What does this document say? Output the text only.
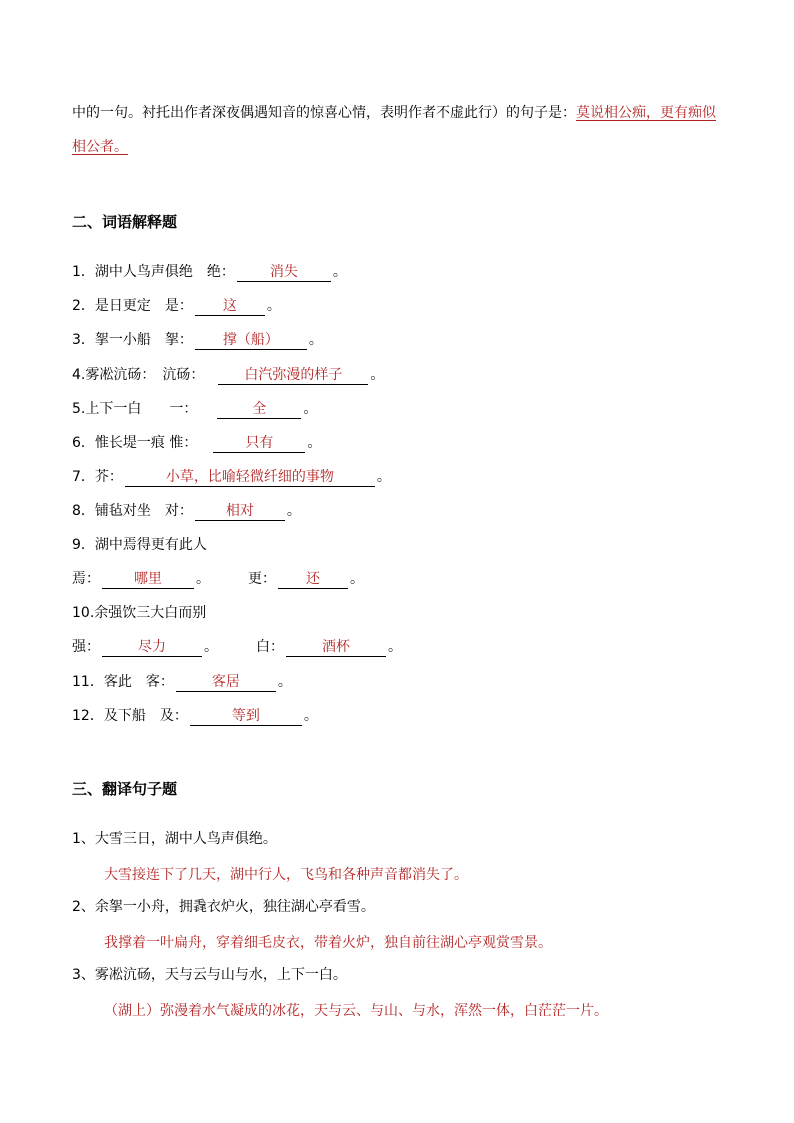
中的一句。衬托出作者深夜偶遇知音的惊喜心情，表明作者不虚此行）的句子是：莫说相公痴，更有痴似相公者。
二、词语解释题
1．湖中人鸟声俱绝　绝：	消失	。
2．是日更定　是： 这 。
3．挐一小船　挐： 撑（船） 。
4.雾凇沆砀：　沆砀：	白汽弥漫的样子 。
5.上下一白　　一：	全	。
6．惟长堤一痕 惟：	只有 。
7．芥：	小草，比喻轻微纤细的事物	。
8．铺毡对坐　对： 相对 。
9．湖中焉得更有此人
焉： 哪里 。	更： 还 。
10.余强饮三大白而别
强：	尽力	。	白：	酒杯	。
11．客此　客：	客居	。
12．及下船　及：	等到	。
三、翻译句子题
1、大雪三日，湖中人鸟声俱绝。
大雪接连下了几天，湖中行人，飞鸟和各种声音都消失了。
2、余挐一小舟，拥毳衣炉火，独往湖心亭看雪。
我撑着一叶扁舟，穿着细毛皮衣，带着火炉，独自前往湖心亭观赏雪景。
3、雾凇沆砀，天与云与山与水，上下一白。
（湖上）弥漫着水气凝成的冰花，天与云、与山、与水，浑然一体，白茫茫一片。
